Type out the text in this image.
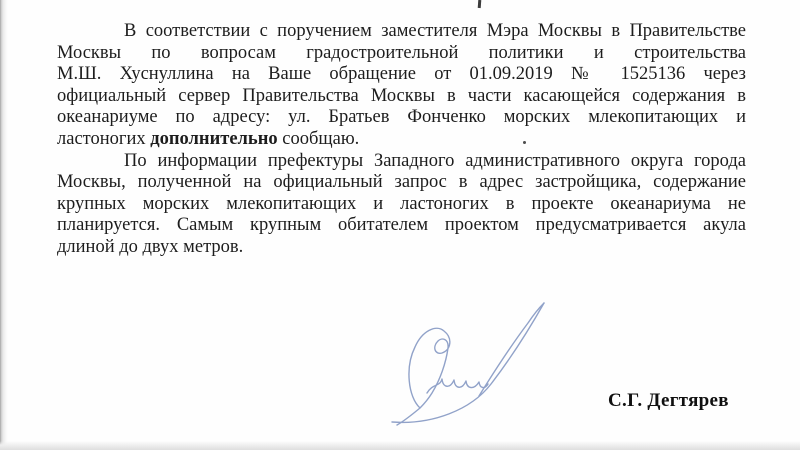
В соответствии с поручением заместителя Мэра Москвы в Правительстве
Москвы по вопросам градостроительной политики и строительства
М.Ш. Хуснуллина на Ваше обращение от 01.09.2019 № 1525136 через
официальный сервер Правительства Москвы в части касающейся содержания в
океанариуме по адресу: ул. Братьев Фонченко морских млекопитающих и
ластоногих дополнительно сообщаю.
По информации префектуры Западного административного округа города
Москвы, полученной на официальный запрос в адрес застройщика, содержание
крупных морских млекопитающих и ластоногих в проекте океанариума не
планируется. Самым крупным обитателем проектом предусматривается акула
длиной до двух метров.
С.Г. Дегтярев
